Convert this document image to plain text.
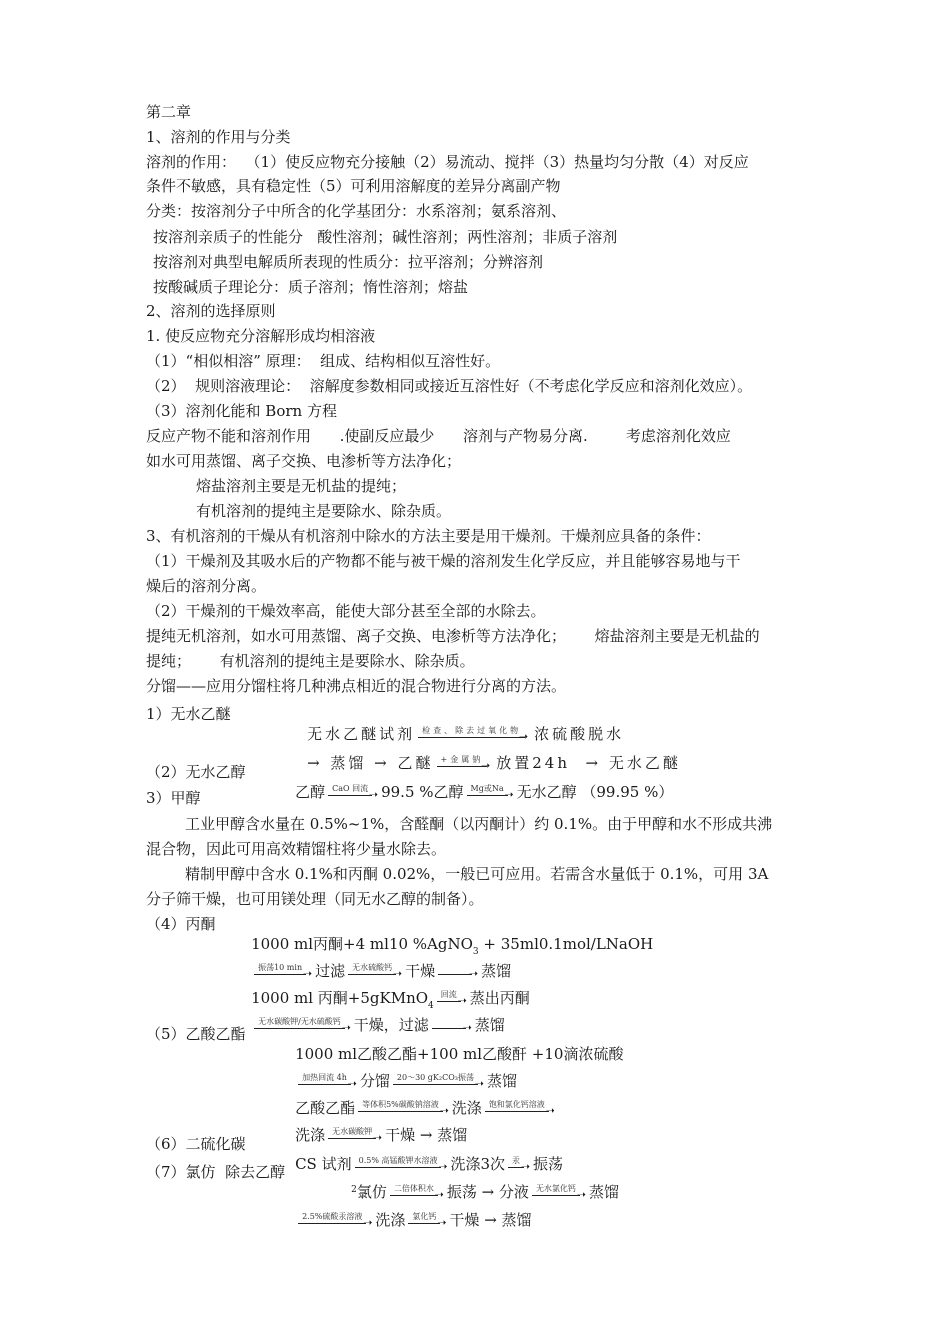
第二章
1、溶剂的作用与分类
溶剂的作用：  （1）使反应物充分接触（2）易流动、搅拌（3）热量均匀分散（4）对反应
条件不敏感，具有稳定性（5）可利用溶解度的差异分离副产物
分类：按溶剂分子中所含的化学基团分：水系溶剂；氨系溶剂、
按溶剂亲质子的性能分   酸性溶剂；碱性溶剂；两性溶剂；非质子溶剂
按溶剂对典型电解质所表现的性质分：拉平溶剂；分辨溶剂
按酸碱质子理论分：质子溶剂；惰性溶剂；熔盐
2、溶剂的选择原则
1. 使反应物充分溶解形成均相溶液
（1）“相似相溶” 原理：  组成、结构相似互溶性好。
（2）  规则溶液理论：  溶解度参数相同或接近互溶性好（不考虑化学反应和溶剂化效应）。
（3）溶剂化能和 Born 方程
反应产物不能和溶剂作用      .使副反应最少      溶剂与产物易分离.        考虑溶剂化效应
如水可用蒸馏、离子交换、电渗析等方法净化；
熔盐溶剂主要是无机盐的提纯；
有机溶剂的提纯主是要除水、除杂质。
3、有机溶剂的干燥从有机溶剂中除水的方法主要是用干燥剂。干燥剂应具备的条件：
（1）干燥剂及其吸水后的产物都不能与被干燥的溶剂发生化学反应，并且能够容易地与干
燥后的溶剂分离。
（2）干燥剂的干燥效率高，能使大部分甚至全部的水除去。
提纯无机溶剂，如水可用蒸馏、离子交换、电渗析等方法净化；      熔盐溶剂主要是无机盐的
提纯；      有机溶剂的提纯主是要除水、除杂质。
分馏——应用分馏柱将几种沸点相近的混合物进行分离的方法。
1）无水乙醚
（2）无水乙醇
3）甲醇
（4）丙酮
（5）乙酸乙酯
（6）二硫化碳
（7）氯仿  除去乙醇

无水乙醚试剂 检查、除去过氧化物
➝ 浓硫酸脱水

→ 蒸馏 → 乙醚 +金属钠
➝ 放置24h  → 无水乙醚

乙醇 CaO 回流 ➝ 99.5 %乙醇 Mg或Na ➝ 无水乙醇 （99.95 %）

工业甲醇含水量在 0.5%~1%，含醛酮（以丙酮计）约 0.1%。由于甲醇和水不形成共沸
混合物，因此可用高效精馏柱将少量水除去。
精制甲醇中含水 0.1%和丙酮 0.02%，一般已可应用。若需含水量低于 0.1%，可用 3A
分子筛干燥，也可用镁处理（同无水乙醇的制备）。

1000 ml丙酮+4 ml10 %AgNO$_3$ + 35ml0.1mol/LNaOH

振荡10 min ➝ 过滤 无水硫酸钙 ➝ 干燥	➝ 蒸馏

1000 ml 丙酮+5gKMnO$_4$
回流 ➝ 蒸出丙酮

无水碳酸钾/无水硫酸钙 ➝ 干燥，过滤	➝ 蒸馏

1000 ml乙酸乙酯+100 ml乙酸酐 +10滴浓硫酸

加热回流 4h ➝ 分馏 20～30 gK₂CO₃振荡 ➝ 蒸馏

乙酸乙酯 等体积5%碳酸钠溶液 ➝ 洗涤 饱和氯化钙溶液 ➝

洗涤 无水碳酸钾 ➝ 干燥 → 蒸馏

CS 试剂 0.5% 高锰酸钾水溶液 ➝ 洗涤3次 汞 ➝ 振荡

$^2$氯仿 二倍体积水 ➝ 振荡 → 分液 无水氯化钙 ➝ 蒸馏

2.5%硫酸汞溶液 ➝ 洗涤 氯化钙 ➝ 干燥 → 蒸馏
